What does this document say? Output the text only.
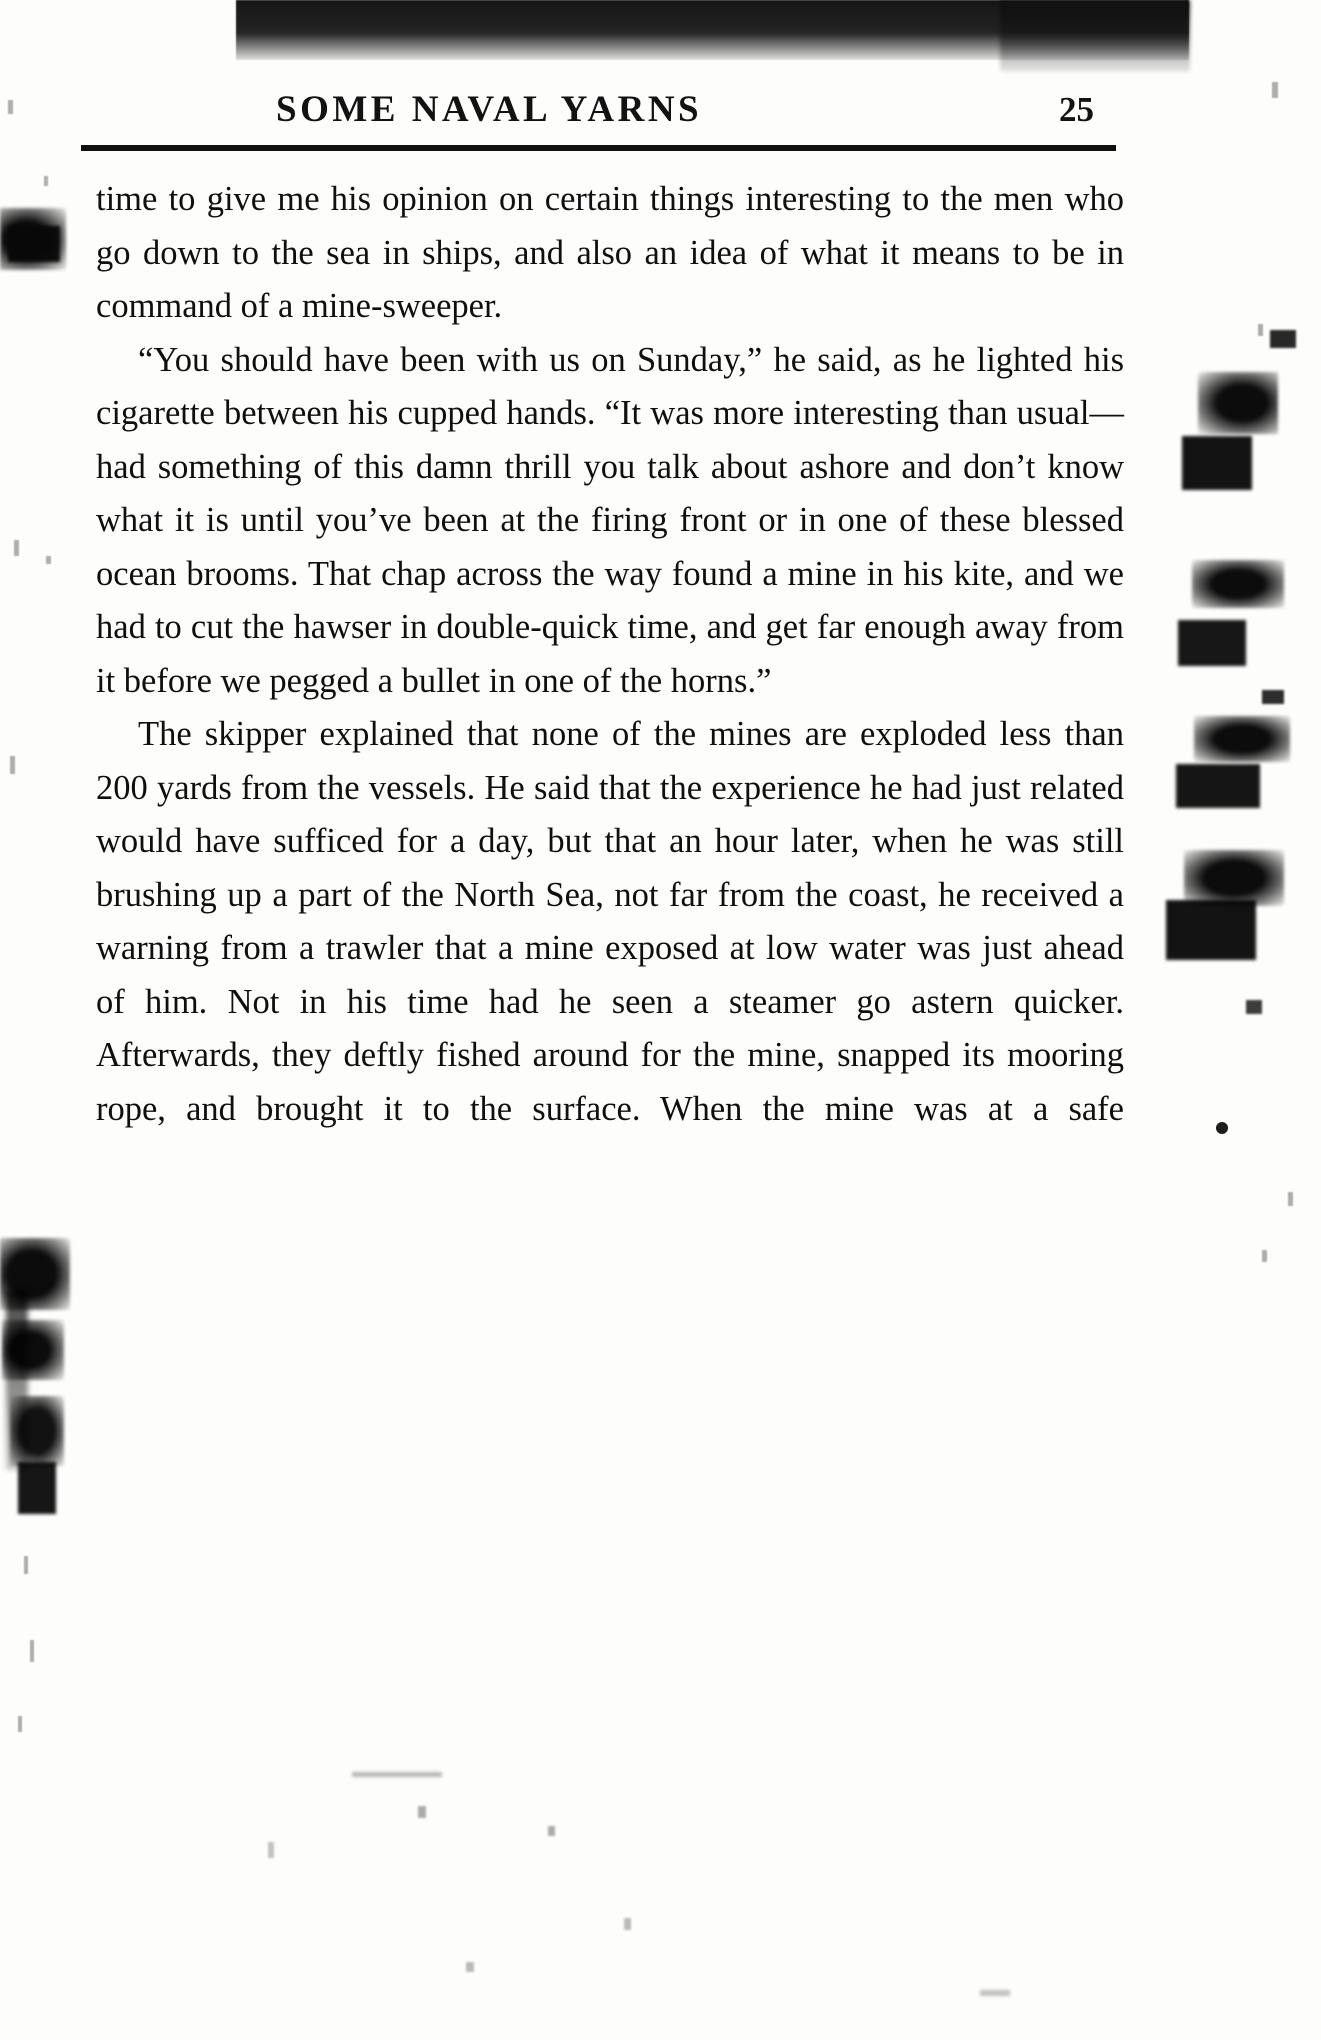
SOME NAVAL YARNS	25

time to give me his opinion on certain things interesting to the men who go down to the sea in ships, and also an idea of what it means to be in command of a mine-sweeper.

“You should have been with us on Sunday,” he said, as he lighted his cigarette between his cupped hands. “It was more interesting than usual—had something of this damn thrill you talk about ashore and don’t know what it is until you’ve been at the firing front or in one of these blessed ocean brooms. That chap across the way found a mine in his kite, and we had to cut the hawser in double-quick time, and get far enough away from it before we pegged a bullet in one of the horns.”

The skipper explained that none of the mines are exploded less than 200 yards from the vessels. He said that the experience he had just related would have sufficed for a day, but that an hour later, when he was still brushing up a part of the North Sea, not far from the coast, he received a warning from a trawler that a mine exposed at low water was just ahead of him. Not in his time had he seen a steamer go astern quicker. Afterwards, they deftly fished around for the mine, snapped its mooring rope, and brought it to the surface. When the mine was at a safe
